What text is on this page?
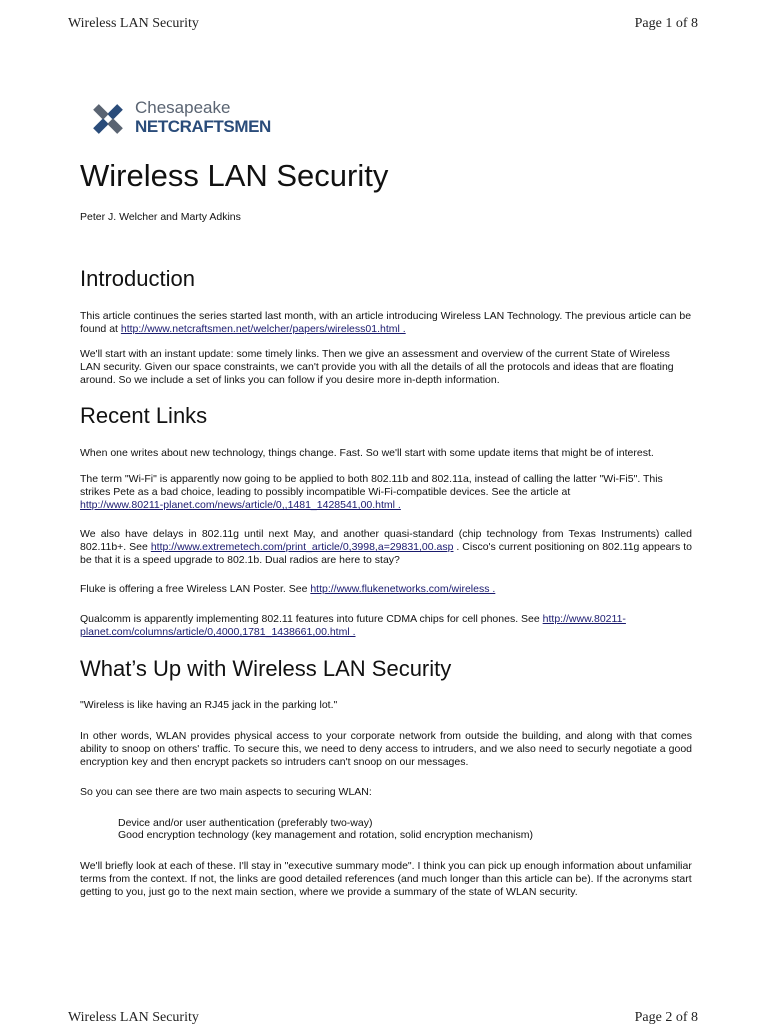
Wireless LAN Security	Page 1 of 8
Chesapeake
NETCRAFTSMEN
Wireless LAN Security
Peter J. Welcher and Marty Adkins
Introduction

This article continues the series started last month, with an article introducing Wireless LAN Technology. The previous article can be found at http://www.netcraftsmen.net/welcher/papers/wireless01.html .

We'll start with an instant update: some timely links. Then we give an assessment and overview of the current State of Wireless LAN security. Given our space constraints, we can't provide you with all the details of all the protocols and ideas that are floating around. So we include a set of links you can follow if you desire more in-depth information.

Recent Links

When one writes about new technology, things change. Fast. So we'll start with some update items that might be of interest.

The term "Wi-Fi" is apparently now going to be applied to both 802.11b and 802.11a, instead of calling the latter "Wi-Fi5". This strikes Pete as a bad choice, leading to possibly incompatible Wi-Fi-compatible devices. See the article at
http://www.80211-planet.com/news/article/0,,1481_1428541,00.html .

We also have delays in 802.11g until next May, and another quasi-standard (chip technology from Texas Instruments) called 802.11b+. See http://www.extremetech.com/print_article/0,3998,a=29831,00.asp . Cisco's current positioning on 802.11g appears to be that it is a speed upgrade to 802.1b. Dual radios are here to stay?

Fluke is offering a free Wireless LAN Poster. See http://www.flukenetworks.com/wireless .

Qualcomm is apparently implementing 802.11 features into future CDMA chips for cell phones. See http://www.80211-planet.com/columns/article/0,4000,1781_1438661,00.html .

What’s Up with Wireless LAN Security

"Wireless is like having an RJ45 jack in the parking lot."

In other words, WLAN provides physical access to your corporate network from outside the building, and along with that comes ability to snoop on others' traffic. To secure this, we need to deny access to intruders, and we also need to securly negotiate a good encryption key and then encrypt packets so intruders can't snoop on our messages.

So you can see there are two main aspects to securing WLAN:

Device and/or user authentication (preferably two-way)
Good encryption technology (key management and rotation, solid encryption mechanism)

We'll briefly look at each of these. I'll stay in "executive summary mode". I think you can pick up enough information about unfamiliar terms from the context. If not, the links are good detailed references (and much longer than this article can be). If the acronyms start getting to you, just go to the next main section, where we provide a summary of the state of WLAN security.

Wireless LAN Security	Page 2 of 8
